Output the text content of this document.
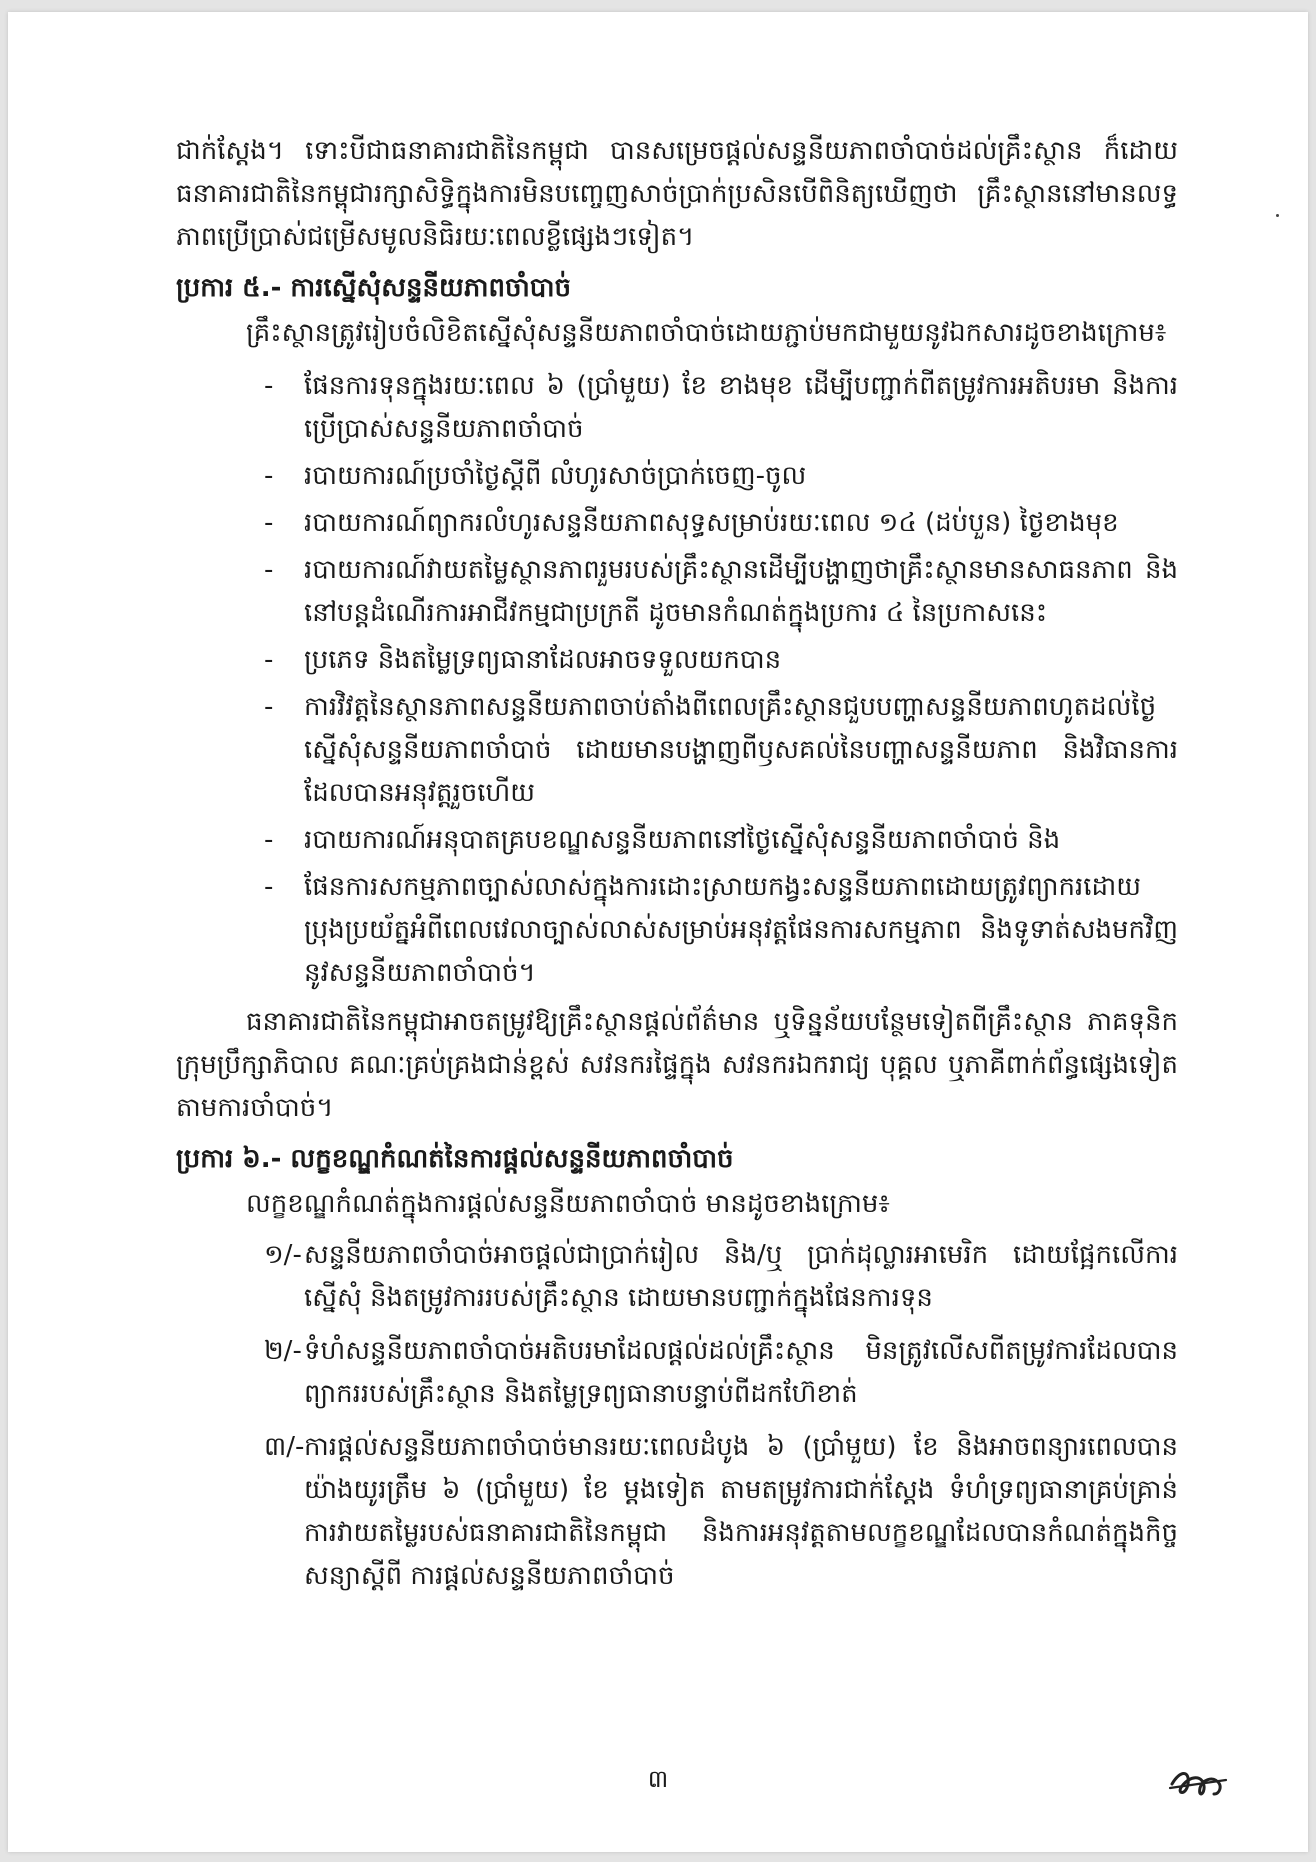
ជាក់ស្តែង។ ទោះបីជាធនាគារជាតិនៃកម្ពុជា បានសម្រេចផ្តល់សន្ទនីយភាពចាំបាច់ដល់គ្រឹះស្ថាន ក៏ដោយ ធនាគារជាតិនៃកម្ពុជារក្សាសិទ្ធិក្នុងការមិនបញ្ចេញសាច់ប្រាក់ប្រសិនបើពិនិត្យឃើញថា គ្រឹះស្ថាននៅមានលទ្ធភាពប្រើប្រាស់ជម្រើសមូលនិធិរយៈពេលខ្លីផ្សេងៗទៀត។

ប្រការ ៥.- ការស្នើសុំសន្ទនីយភាពចាំបាច់

គ្រឹះស្ថានត្រូវរៀបចំលិខិតស្នើសុំសន្ទនីយភាពចាំបាច់ដោយភ្ជាប់មកជាមួយនូវឯកសារដូចខាងក្រោម៖

-	ផែនការទុនក្នុងរយៈពេល ៦ (ប្រាំមួយ) ខែ ខាងមុខ ដើម្បីបញ្ជាក់ពីតម្រូវការអតិបរមា និងការប្រើប្រាស់សន្ទនីយភាពចាំបាច់
-	របាយការណ៍ប្រចាំថ្ងៃស្តីពី លំហូរសាច់ប្រាក់ចេញ-ចូល
-	របាយការណ៍ព្យាករលំហូរសន្ទនីយភាពសុទ្ធសម្រាប់រយៈពេល ១៤ (ដប់បួន) ថ្ងៃខាងមុខ
-	របាយការណ៍វាយតម្លៃស្ថានភាពរួមរបស់គ្រឹះស្ថានដើម្បីបង្ហាញថាគ្រឹះស្ថានមានសាធនភាព និងនៅបន្តដំណើរការអាជីវកម្មជាប្រក្រតី ដូចមានកំណត់ក្នុងប្រការ ៤ នៃប្រកាសនេះ
-	ប្រភេទ និងតម្លៃទ្រព្យធានាដែលអាចទទួលយកបាន
-	ការវិវត្តនៃស្ថានភាពសន្ទនីយភាពចាប់តាំងពីពេលគ្រឹះស្ថានជួបបញ្ហាសន្ទនីយភាពហូតដល់ថ្ងៃស្នើសុំសន្ទនីយភាពចាំបាច់ ដោយមានបង្ហាញពីឫសគល់នៃបញ្ហាសន្ទនីយភាព និងវិធានការដែលបានអនុវត្តរួចហើយ
-	របាយការណ៍អនុបាតគ្របខណ្ឌសន្ទនីយភាពនៅថ្ងៃស្នើសុំសន្ទនីយភាពចាំបាច់ និង
-	ផែនការសកម្មភាពច្បាស់លាស់ក្នុងការដោះស្រាយកង្វះសន្ទនីយភាពដោយត្រូវព្យាករដោយប្រុងប្រយ័ត្នអំពីពេលវេលាច្បាស់លាស់សម្រាប់អនុវត្តផែនការសកម្មភាព និងទូទាត់សងមកវិញនូវសន្ទនីយភាពចាំបាច់។

ធនាគារជាតិនៃកម្ពុជាអាចតម្រូវឱ្យគ្រឹះស្ថានផ្តល់ព័ត៌មាន ឬទិន្នន័យបន្ថែមទៀតពីគ្រឹះស្ថាន ភាគទុនិក ក្រុមប្រឹក្សាភិបាល គណៈគ្រប់គ្រងជាន់ខ្ពស់ សវនករផ្ទៃក្នុង សវនករឯករាជ្យ បុគ្គល ឬភាគីពាក់ព័ន្ធផ្សេងទៀត តាមការចាំបាច់។

ប្រការ ៦.- លក្ខខណ្ឌកំណត់នៃការផ្តល់សន្ទនីយភាពចាំបាច់

លក្ខខណ្ឌកំណត់ក្នុងការផ្តល់សន្ទនីយភាពចាំបាច់ មានដូចខាងក្រោម៖

១/- សន្ទនីយភាពចាំបាច់អាចផ្តល់ជាប្រាក់រៀល និង/ឬ ប្រាក់ដុល្លារអាមេរិក ដោយផ្អែកលើការស្នើសុំ និងតម្រូវការរបស់គ្រឹះស្ថាន ដោយមានបញ្ជាក់ក្នុងផែនការទុន
២/- ទំហំសន្ទនីយភាពចាំបាច់អតិបរមាដែលផ្តល់ដល់គ្រឹះស្ថាន មិនត្រូវលើសពីតម្រូវការដែលបានព្យាកររបស់គ្រឹះស្ថាន និងតម្លៃទ្រព្យធានាបន្ទាប់ពីដកហ៊ែខាត់
៣/- ការផ្តល់សន្ទនីយភាពចាំបាច់មានរយៈពេលដំបូង ៦ (ប្រាំមួយ) ខែ និងអាចពន្យារពេលបានយ៉ាងយូរត្រឹម ៦ (ប្រាំមួយ) ខែ ម្តងទៀត តាមតម្រូវការជាក់ស្តែង ទំហំទ្រព្យធានាគ្រប់គ្រាន់ ការវាយតម្លៃរបស់ធនាគារជាតិនៃកម្ពុជា និងការអនុវត្តតាមលក្ខខណ្ឌដែលបានកំណត់ក្នុងកិច្ចសន្យាស្តីពី ការផ្តល់សន្ទនីយភាពចាំបាច់
៣
